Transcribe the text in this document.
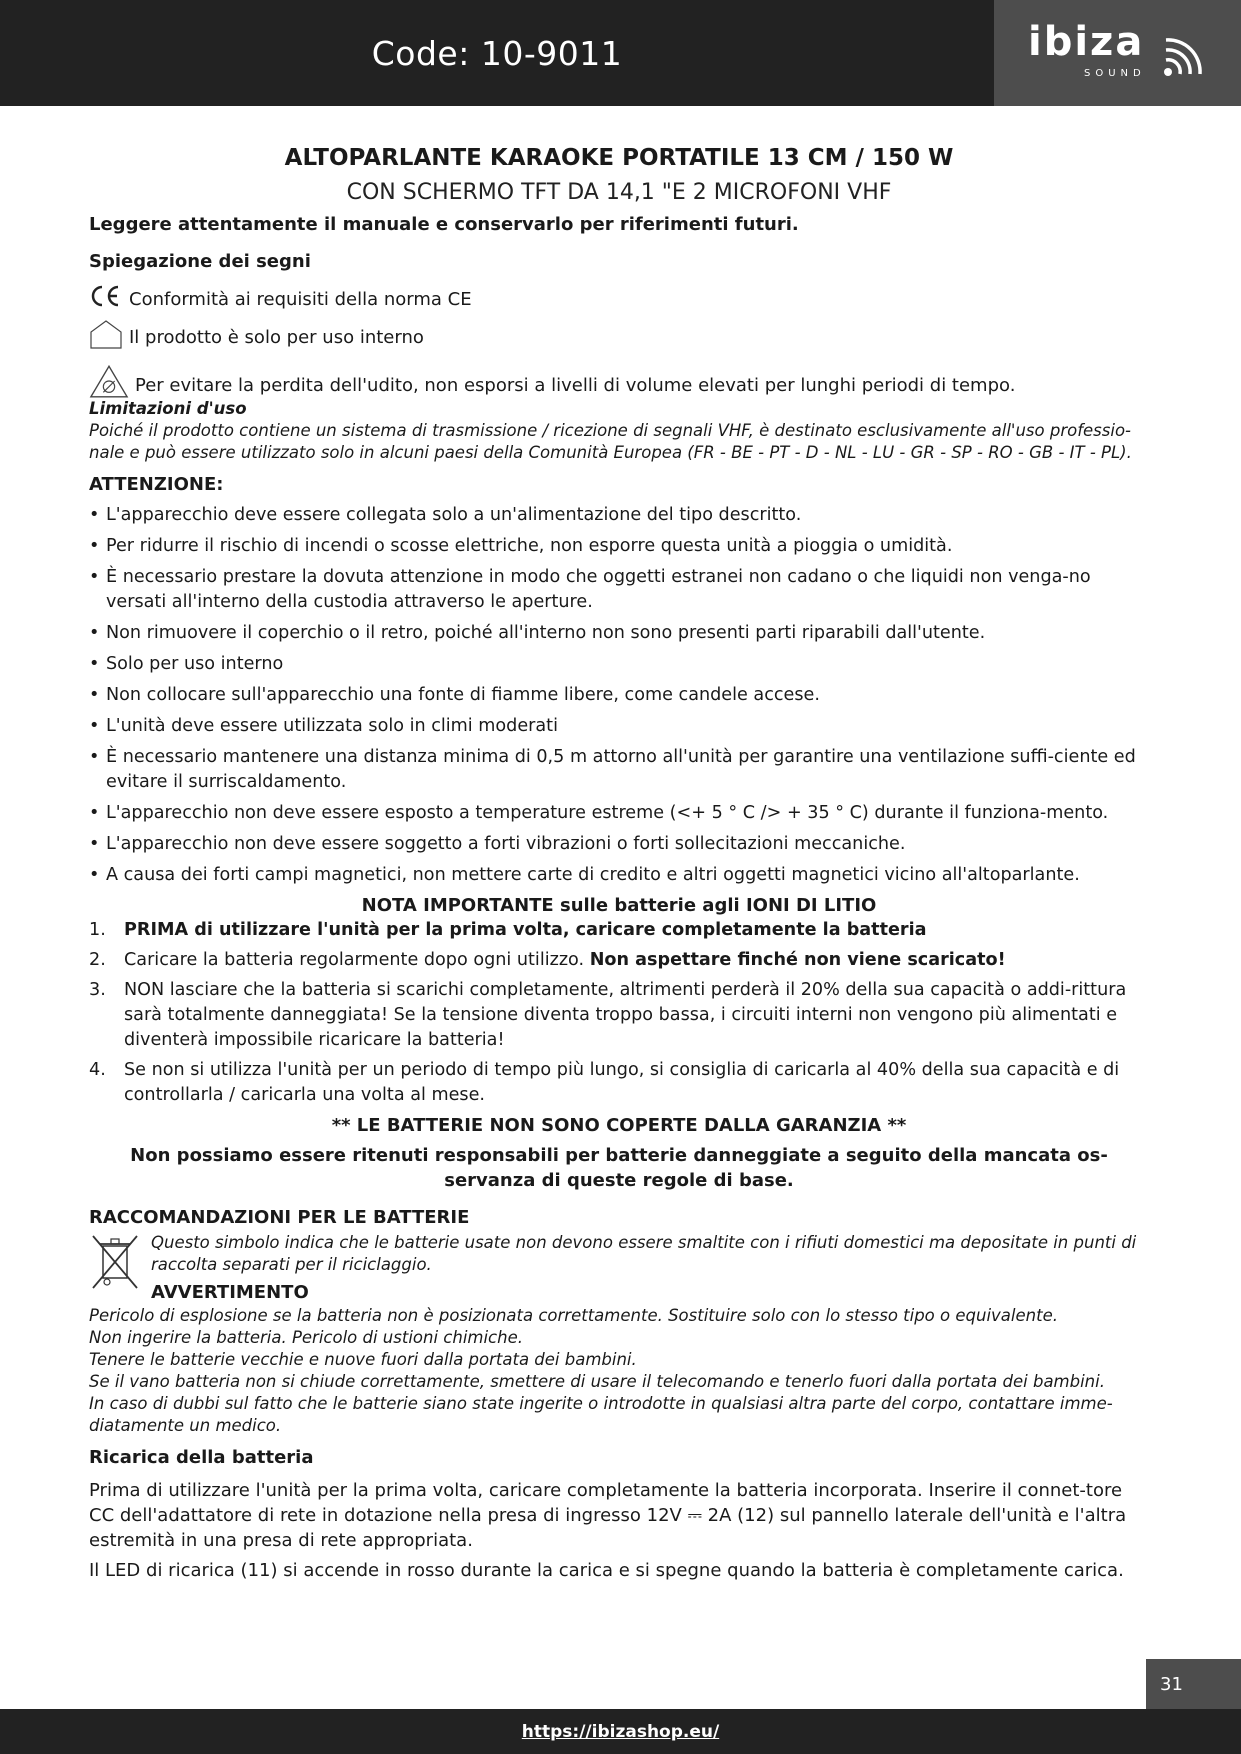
Code: 10-9011	ibiza
SOUND
ALTOPARLANTE KARAOKE PORTATILE 13 CM / 150 W

CON SCHERMO TFT DA 14,1 "E 2 MICROFONI VHF

Leggere attentamente il manuale e conservarlo per riferimenti futuri.

Spiegazione dei segni

Conformità ai requisiti della norma CE
Il prodotto è solo per uso interno
Per evitare la perdita dell'udito, non esporsi a livelli di volume elevati per lunghi periodi di tempo.

Limitazioni d'uso

Poiché il prodotto contiene un sistema di trasmissione / ricezione di segnali VHF, è destinato esclusivamente all'uso professio-nale e può essere utilizzato solo in alcuni paesi della Comunità Europea (FR - BE - PT - D - NL - LU - GR - SP - RO - GB - IT - PL).

ATTENZIONE:

• L'apparecchio deve essere collegata solo a un'alimentazione del tipo descritto.
• Per ridurre il rischio di incendi o scosse elettriche, non esporre questa unità a pioggia o umidità.
• È necessario prestare la dovuta attenzione in modo che oggetti estranei non cadano o che liquidi non venga-no versati all'interno della custodia attraverso le aperture.
• Non rimuovere il coperchio o il retro, poiché all'interno non sono presenti parti riparabili dall'utente.
• Solo per uso interno
• Non collocare sull'apparecchio una fonte di fiamme libere, come candele accese.
• L'unità deve essere utilizzata solo in climi moderati
• È necessario mantenere una distanza minima di 0,5 m attorno all'unità per garantire una ventilazione suffi-ciente ed evitare il surriscaldamento.
• L'apparecchio non deve essere esposto a temperature estreme (<+ 5 ° C /> + 35 ° C) durante il funziona-mento.
• L'apparecchio non deve essere soggetto a forti vibrazioni o forti sollecitazioni meccaniche.
• A causa dei forti campi magnetici, non mettere carte di credito e altri oggetti magnetici vicino all'altoparlante.

NOTA IMPORTANTE sulle batterie agli IONI DI LITIO

1. PRIMA di utilizzare l'unità per la prima volta, caricare completamente la batteria
2. Caricare la batteria regolarmente dopo ogni utilizzo. Non aspettare finché non viene scaricato!
3. NON lasciare che la batteria si scarichi completamente, altrimenti perderà il 20% della sua capacità o addi-rittura sarà totalmente danneggiata! Se la tensione diventa troppo bassa, i circuiti interni non vengono più alimentati e diventerà impossibile ricaricare la batteria!
4. Se non si utilizza l'unità per un periodo di tempo più lungo, si consiglia di caricarla al 40% della sua capacità e di controllarla / caricarla una volta al mese.

** LE BATTERIE NON SONO COPERTE DALLA GARANZIA **

Non possiamo essere ritenuti responsabili per batterie danneggiate a seguito della mancata os-servanza di queste regole di base.

RACCOMANDAZIONI PER LE BATTERIE

Questo simbolo indica che le batterie usate non devono essere smaltite con i rifiuti domestici ma depositate in punti di raccolta separati per il riciclaggio.

AVVERTIMENTO

Pericolo di esplosione se la batteria non è posizionata correttamente. Sostituire solo con lo stesso tipo o equivalente.

Non ingerire la batteria. Pericolo di ustioni chimiche.

Tenere le batterie vecchie e nuove fuori dalla portata dei bambini.

Se il vano batteria non si chiude correttamente, smettere di usare il telecomando e tenerlo fuori dalla portata dei bambini.

In caso di dubbi sul fatto che le batterie siano state ingerite o introdotte in qualsiasi altra parte del corpo, contattare imme-diatamente un medico.

Ricarica della batteria

Prima di utilizzare l'unità per la prima volta, caricare completamente la batteria incorporata. Inserire il connet-tore CC dell'adattatore di rete in dotazione nella presa di ingresso 12V ⎓ 2A (12) sul pannello laterale dell'unità e l'altra estremità in una presa di rete appropriata.

Il LED di ricarica (11) si accende in rosso durante la carica e si spegne quando la batteria è completamente carica.

31
https://ibizashop.eu/
